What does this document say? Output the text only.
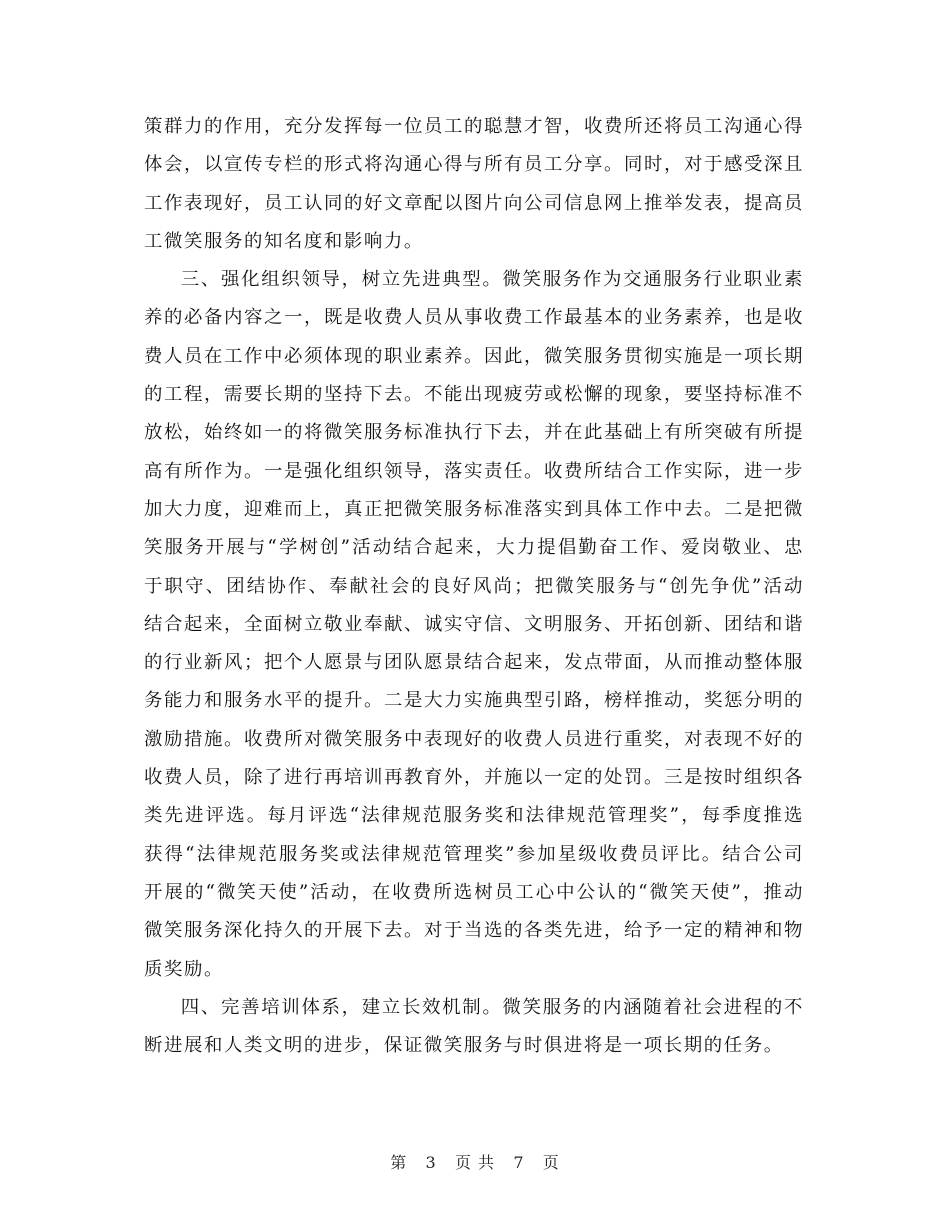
策群力的作用，充分发挥每一位员工的聪慧才智，收费所还将员工沟通心得体会，以宣传专栏的形式将沟通心得与所有员工分享。同时，对于感受深且工作表现好，员工认同的好文章配以图片向公司信息网上推举发表，提高员工微笑服务的知名度和影响力。

三、强化组织领导，树立先进典型。微笑服务作为交通服务行业职业素养的必备内容之一，既是收费人员从事收费工作最基本的业务素养，也是收费人员在工作中必须体现的职业素养。因此，微笑服务贯彻实施是一项长期的工程，需要长期的坚持下去。不能出现疲劳或松懈的现象，要坚持标准不放松，始终如一的将微笑服务标准执行下去，并在此基础上有所突破有所提高有所作为。一是强化组织领导，落实责任。收费所结合工作实际，进一步加大力度，迎难而上，真正把微笑服务标准落实到具体工作中去。二是把微笑服务开展与“学树创”活动结合起来，大力提倡勤奋工作、爱岗敬业、忠于职守、团结协作、奉献社会的良好风尚；把微笑服务与“创先争优”活动结合起来，全面树立敬业奉献、诚实守信、文明服务、开拓创新、团结和谐的行业新风；把个人愿景与团队愿景结合起来，发点带面，从而推动整体服务能力和服务水平的提升。二是大力实施典型引路，榜样推动，奖惩分明的激励措施。收费所对微笑服务中表现好的收费人员进行重奖，对表现不好的收费人员，除了进行再培训再教育外，并施以一定的处罚。三是按时组织各类先进评选。每月评选“法律规范服务奖和法律规范管理奖”，每季度推选获得“法律规范服务奖或法律规范管理奖”参加星级收费员评比。结合公司开展的“微笑天使”活动，在收费所选树员工心中公认的“微笑天使”，推动微笑服务深化持久的开展下去。对于当选的各类先进，给予一定的精神和物质奖励。

四、完善培训体系，建立长效机制。微笑服务的内涵随着社会进程的不断进展和人类文明的进步，保证微笑服务与时俱进将是一项长期的任务。

第 3 页 共 7 页
